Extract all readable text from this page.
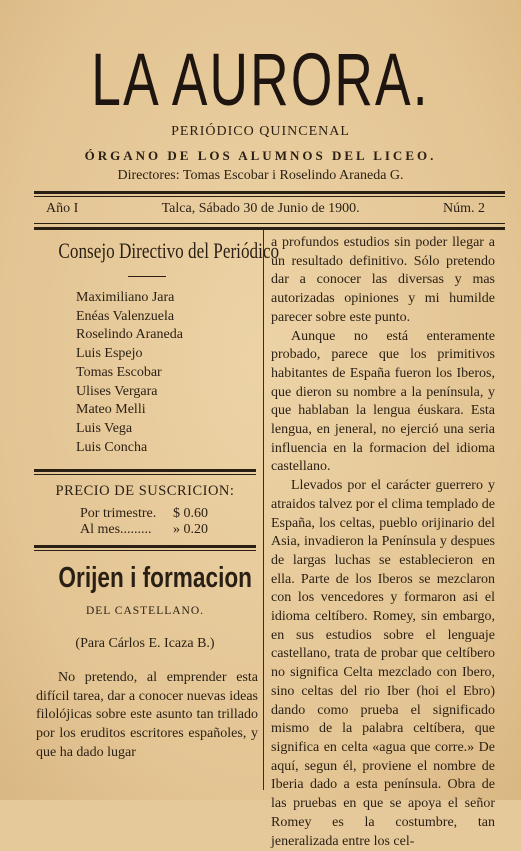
LA AURORA.
PERIÓDICO QUINCENAL
ÓRGANO DE LOS ALUMNOS DEL LICEO.
Directores: Tomas Escobar i Roselindo Araneda G.
Año I	Talca, Sábado 30 de Junio de 1900.	Núm. 2
Consejo Directivo del Periódico
Maximiliano Jara
Enéas Valenzuela
Roselindo Araneda
Luis Espejo
Tomas Escobar
Ulises Vergara
Mateo Melli
Luis Vega
Luis Concha
PRECIO DE SUSCRICION:
Por trimestre. $ 0.60
Al mes......... » 0.20
Orijen i formacion
DEL CASTELLANO.
(Para Cárlos E. Icaza B.)

No pretendo, al emprender esta difícil tarea, dar a conocer nuevas ideas filolójicas sobre este asunto tan trillado por los eruditos escritores españoles, y que ha dado lugar

a profundos estudios sin poder llegar a un resultado definitivo. Sólo pretendo dar a conocer las diversas y mas autorizadas opiniones y mi humilde parecer sobre este punto.

Aunque no está enteramente probado, parece que los primitivos habitantes de España fueron los Iberos, que dieron su nombre a la península, y que hablaban la lengua éuskara. Esta lengua, en jeneral, no ejerció una seria influencia en la formacion del idioma castellano.

Llevados por el carácter guerrero y atraidos talvez por el clima templado de España, los celtas, pueblo orijinario del Asia, invadieron la Península y despues de largas luchas se establecieron en ella. Parte de los Iberos se mezclaron con los vencedores y formaron asi el idioma celtíbero. Romey, sin embargo, en sus estudios sobre el lenguaje castellano, trata de probar que celtíbero no significa Celta mezclado con Ibero, sino celtas del rio Iber (hoi el Ebro) dando como prueba el significado mismo de la palabra celtíbera, que significa en celta «agua que corre.» De aquí, segun él, proviene el nombre de Iberia dado a esta península. Obra de las pruebas en que se apoya el señor Romey es la costumbre, tan jeneralizada entre los cel-
